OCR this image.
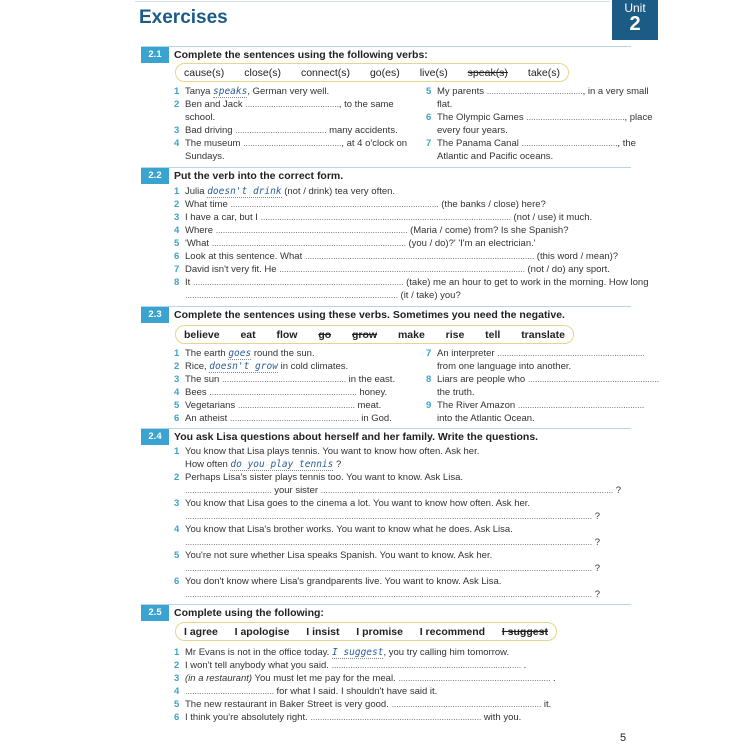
Exercises	Unit
2
2.1	Complete the sentences using the following verbs:
cause(s) close(s) connect(s) go(es) live(s) speak(s) take(s)
1 Tanya speaks, German very well.
2 Ben and Jack ........................................, to the same
school.
3 Bad driving ....................................... many accidents.
4 The museum .........................................., at 4 o'clock on
Sundays.
5 My parents ........................................., in a very small
flat.
6 The Olympic Games .........................................., place
every four years.
7 The Panama Canal ........................................., the
Atlantic and Pacific oceans.
2.2	Put the verb into the correct form.
1 Julia doesn't drink (not / drink) tea very often.
2 What time ......................................................................................... (the banks / close) here?
3 I have a car, but I ........................................................................................................... (not / use) it much.
4 Where .................................................................................. (Maria / come) from? Is she Spanish?
5 'What ................................................................................... (you / do)?' 'I'm an electrician.'
6 Look at this sentence. What .................................................................................................. (this word / mean)?
7 David isn't very fit. He ......................................................................................................... (not / do) any sport.
8 It .......................................................................................... (take) me an hour to get to work in the morning. How long
........................................................................................... (it / take) you?
2.3	Complete the sentences using these verbs. Sometimes you need the negative.
believe eat flow go grow make rise tell translate
1 The earth goes round the sun.
2 Rice, doesn't grow in cold climates.
3 The sun ..................................................... in the east.
4 Bees ............................................................... honey.
5 Vegetarians .................................................. meat.
6 An atheist ....................................................... in God.
7 An interpreter ...............................................................
from one language into another.
8 Liars are people who ........................................................
the truth.
9 The River Amazon ......................................................
into the Atlantic Ocean.
2.4	You ask Lisa questions about herself and her family. Write the questions.
1 You know that Lisa plays tennis. You want to know how often. Ask her.
How often do you play tennis ?
2 Perhaps Lisa's sister plays tennis too. You want to know. Ask Lisa.
..................................... your sister ............................................................................................................................. ?
3 You know that Lisa goes to the cinema a lot. You want to know how often. Ask her.
.............................................................................................................................................................................. ?
4 You know that Lisa's brother works. You want to know what he does. Ask Lisa.
.............................................................................................................................................................................. ?
5 You're not sure whether Lisa speaks Spanish. You want to know. Ask her.
.............................................................................................................................................................................. ?
6 You don't know where Lisa's grandparents live. You want to know. Ask Lisa.
.............................................................................................................................................................................. ?
2.5	Complete using the following:
I agree I apologise I insist I promise I recommend I suggest
1 Mr Evans is not in the office today. I suggest, you try calling him tomorrow.
2 I won't tell anybody what you said. ................................................................................. .
3 (in a restaurant) You must let me pay for the meal. ................................................................. .
4 ...................................... for what I said. I shouldn't have said it.
5 The new restaurant in Baker Street is very good. ................................................................ it.
6 I think you're absolutely right. ......................................................................... with you.
5
